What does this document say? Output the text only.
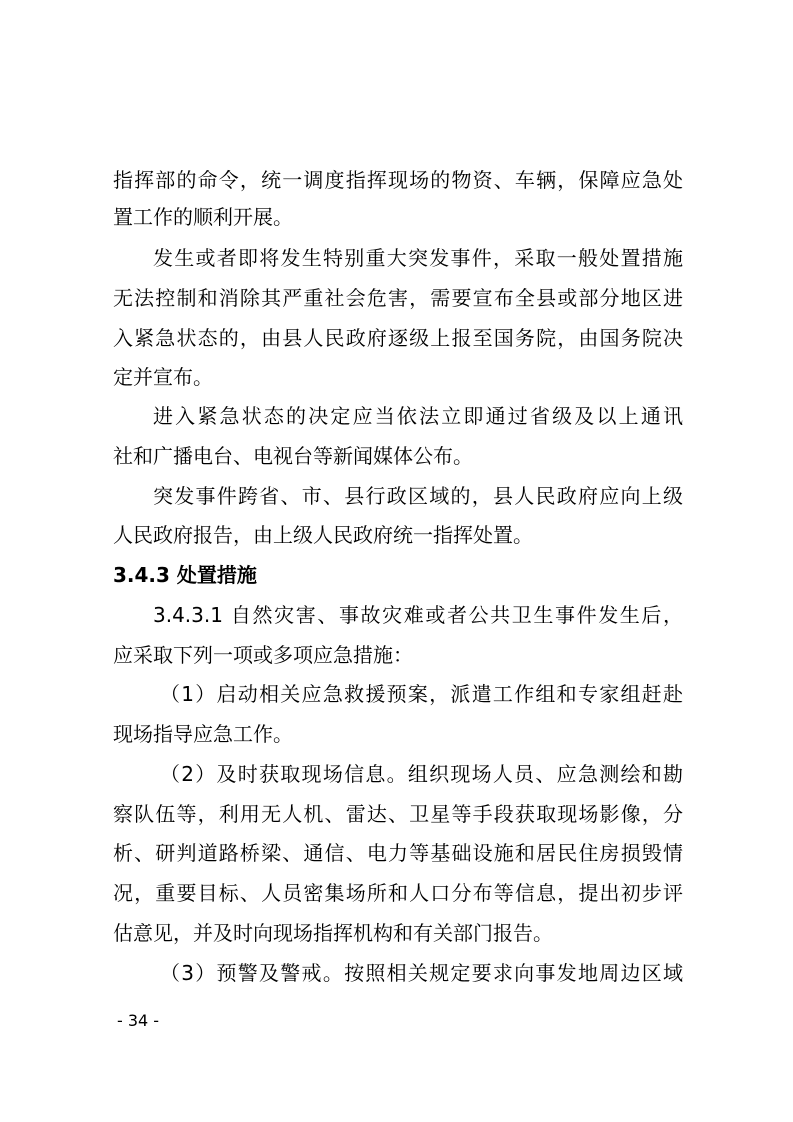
指挥部的命令，统一调度指挥现场的物资、车辆，保障应急处
置工作的顺利开展。
发生或者即将发生特别重大突发事件，采取一般处置措施
无法控制和消除其严重社会危害，需要宣布全县或部分地区进
入紧急状态的，由县人民政府逐级上报至国务院，由国务院决
定并宣布。
进入紧急状态的决定应当依法立即通过省级及以上通讯
社和广播电台、电视台等新闻媒体公布。
突发事件跨省、市、县行政区域的，县人民政府应向上级
人民政府报告，由上级人民政府统一指挥处置。
3.4.3 处置措施
3.4.3.1 自然灾害、事故灾难或者公共卫生事件发生后，
应采取下列一项或多项应急措施：
（1）启动相关应急救援预案，派遣工作组和专家组赶赴
现场指导应急工作。
（2）及时获取现场信息。组织现场人员、应急测绘和勘
察队伍等，利用无人机、雷达、卫星等手段获取现场影像，分
析、研判道路桥梁、通信、电力等基础设施和居民住房损毁情
况，重要目标、人员密集场所和人口分布等信息，提出初步评
估意见，并及时向现场指挥机构和有关部门报告。
（3）预警及警戒。按照相关规定要求向事发地周边区域
- 34 -
